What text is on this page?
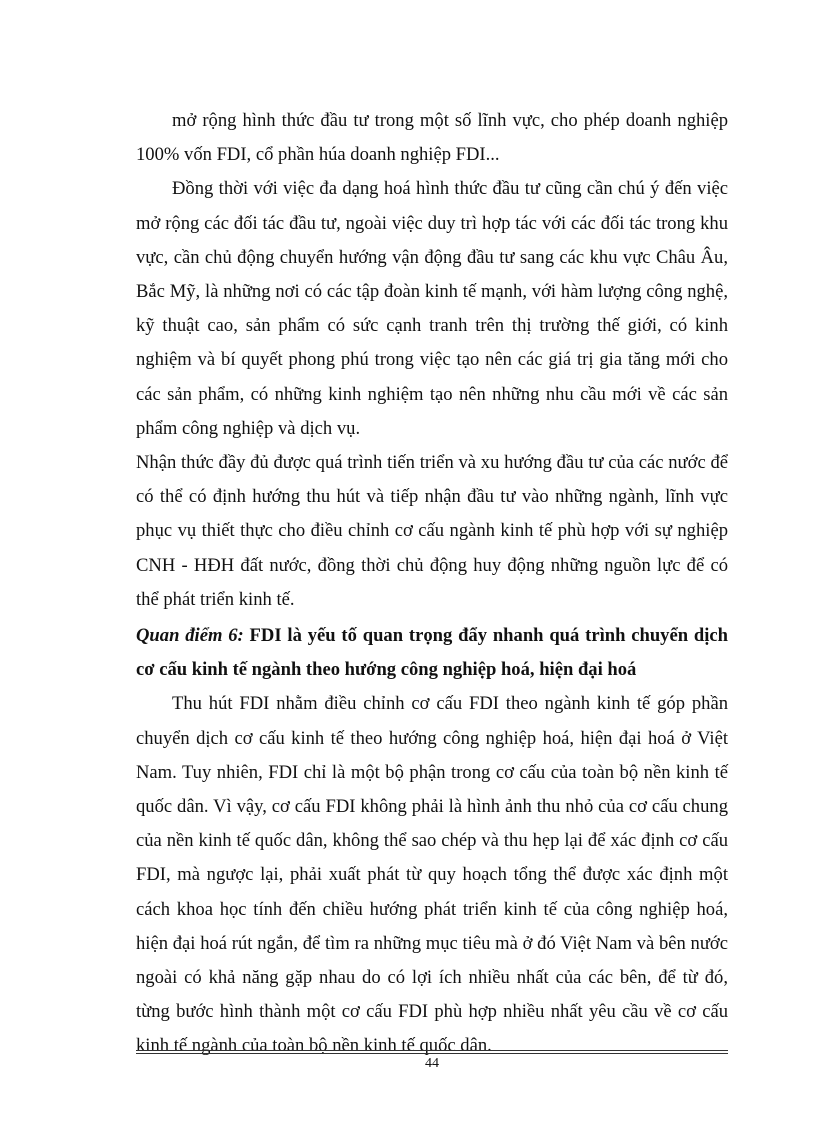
mở rộng hình thức đầu tư trong một số lĩnh vực, cho phép doanh nghiệp 100% vốn FDI, cổ phần húa doanh nghiệp FDI...

Đồng thời với việc đa dạng hoá hình thức đầu tư cũng cần chú ý đến việc mở rộng các đối tác đầu tư, ngoài việc duy trì hợp tác với các đối tác trong khu vực, cần chủ động chuyển hướng vận động đầu tư sang các khu vực Châu Âu, Bắc Mỹ, là những nơi có các tập đoàn kinh tế mạnh, với hàm lượng công nghệ, kỹ thuật cao, sản phẩm có sức cạnh tranh trên thị trường thế giới, có kinh nghiệm và bí quyết phong phú trong việc tạo nên các giá trị gia tăng mới cho các sản phẩm, có những kinh nghiệm tạo nên những nhu cầu mới về các sản phẩm công nghiệp và dịch vụ.

Nhận thức đầy đủ được quá trình tiến triển và xu hướng đầu tư của các nước để có thể có định hướng thu hút và tiếp nhận đầu tư vào những ngành, lĩnh vực phục vụ thiết thực cho điều chỉnh cơ cấu ngành kinh tế phù hợp với sự nghiệp CNH - HĐH đất nước, đồng thời chủ động huy động những nguồn lực để có thể phát triển kinh tế.

Quan điểm 6: FDI là yếu tố quan trọng đẩy nhanh quá trình chuyển dịch cơ cấu kinh tế ngành theo hướng công nghiệp hoá, hiện đại hoá

Thu hút FDI nhằm điều chỉnh cơ cấu FDI theo ngành kinh tế góp phần chuyển dịch cơ cấu kinh tế theo hướng công nghiệp hoá, hiện đại hoá ở Việt Nam. Tuy nhiên, FDI chỉ là một bộ phận trong cơ cấu của toàn bộ nền kinh tế quốc dân. Vì vậy, cơ cấu FDI không phải là hình ảnh thu nhỏ của cơ cấu chung của nền kinh tế quốc dân, không thể sao chép và thu hẹp lại để xác định cơ cấu FDI, mà ngược lại, phải xuất phát từ quy hoạch tổng thể được xác định một cách khoa học tính đến chiều hướng phát triển kinh tế của công nghiệp hoá, hiện đại hoá rút ngắn, để tìm ra những mục tiêu mà ở đó Việt Nam và bên nước ngoài có khả năng gặp nhau do có lợi ích nhiều nhất của các bên, để từ đó, từng bước hình thành một cơ cấu FDI phù hợp nhiều nhất yêu cầu về cơ cấu kinh tế ngành của toàn bộ nền kinh tế quốc dân.

44
